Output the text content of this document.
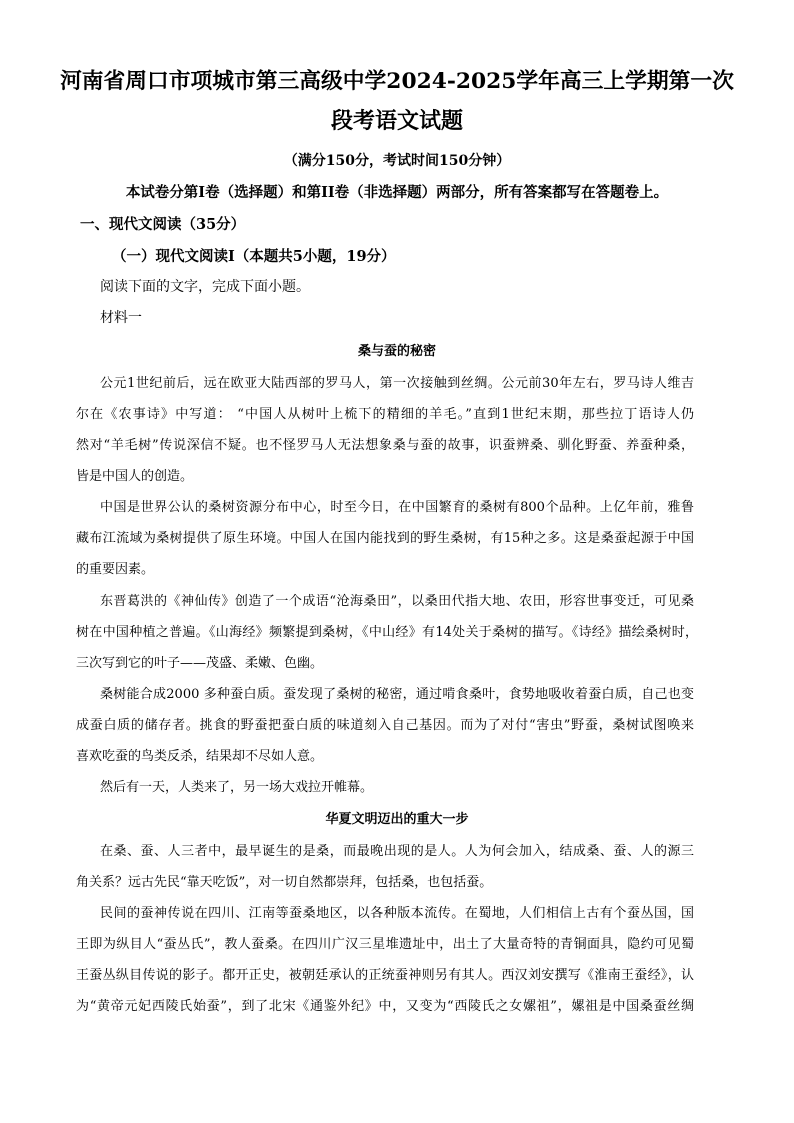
河南省周口市项城市第三高级中学2024-2025学年高三上学期第一次
段考语文试题
（满分150分，考试时间150分钟）
本试卷分第Ⅰ卷（选择题）和第II卷（非选择题）两部分，所有答案都写在答题卷上。
一、现代文阅读（35分）
（一）现代文阅读Ⅰ（本题共5小题，19分）
阅读下面的文字，完成下面小题。
材料一
桑与蚕的秘密
公元1世纪前后，远在欧亚大陆西部的罗马人，第一次接触到丝绸。公元前30年左右，罗马诗人维吉
尔在《农事诗》中写道： “中国人从树叶上梳下的精细的羊毛。”直到1世纪末期，那些拉丁语诗人仍
然对“羊毛树”传说深信不疑。也不怪罗马人无法想象桑与蚕的故事，识蚕辨桑、驯化野蚕、养蚕种桑，
皆是中国人的创造。
中国是世界公认的桑树资源分布中心，时至今日，在中国繁育的桑树有800个品种。上亿年前，雅鲁
藏布江流域为桑树提供了原生环境。中国人在国内能找到的野生桑树，有15种之多。这是桑蚕起源于中国
的重要因素。
东晋葛洪的《神仙传》创造了一个成语“沧海桑田”，以桑田代指大地、农田，形容世事变迁，可见桑
树在中国种植之普遍。《山海经》频繁提到桑树，《中山经》有14处关于桑树的描写。《诗经》描绘桑树时，
三次写到它的叶子——茂盛、柔嫩、色幽。
桑树能合成2000 多种蚕白质。蚕发现了桑树的秘密，通过啃食桑叶，食势地吸收着蚕白质，自己也变
成蚕白质的储存者。挑食的野蚕把蚕白质的味道刻入自己基因。而为了对付“害虫”野蚕，桑树试图唤来
喜欢吃蚕的鸟类反杀，结果却不尽如人意。
然后有一天，人类来了，另一场大戏拉开帷幕。
华夏文明迈出的重大一步
在桑、蚕、人三者中，最早诞生的是桑，而最晚出现的是人。人为何会加入，结成桑、蚕、人的源三
角关系？远古先民“靠天吃饭”，对一切自然都崇拜，包括桑，也包括蚕。
民间的蚕神传说在四川、江南等蚕桑地区，以各种版本流传。在蜀地，人们相信上古有个蚕丛国，国
王即为纵目人“蚕丛氏”，教人蚕桑。在四川广汉三星堆遗址中，出土了大量奇特的青铜面具，隐约可见蜀
王蚕丛纵目传说的影子。都开正史，被朝廷承认的正统蚕神则另有其人。西汉刘安撰写《淮南王蚕经》，认
为“黄帝元妃西陵氏始蚕”，到了北宋《通鉴外纪》中，又变为“西陵氏之女嫘祖”，嫘祖是中国桑蚕丝绸
